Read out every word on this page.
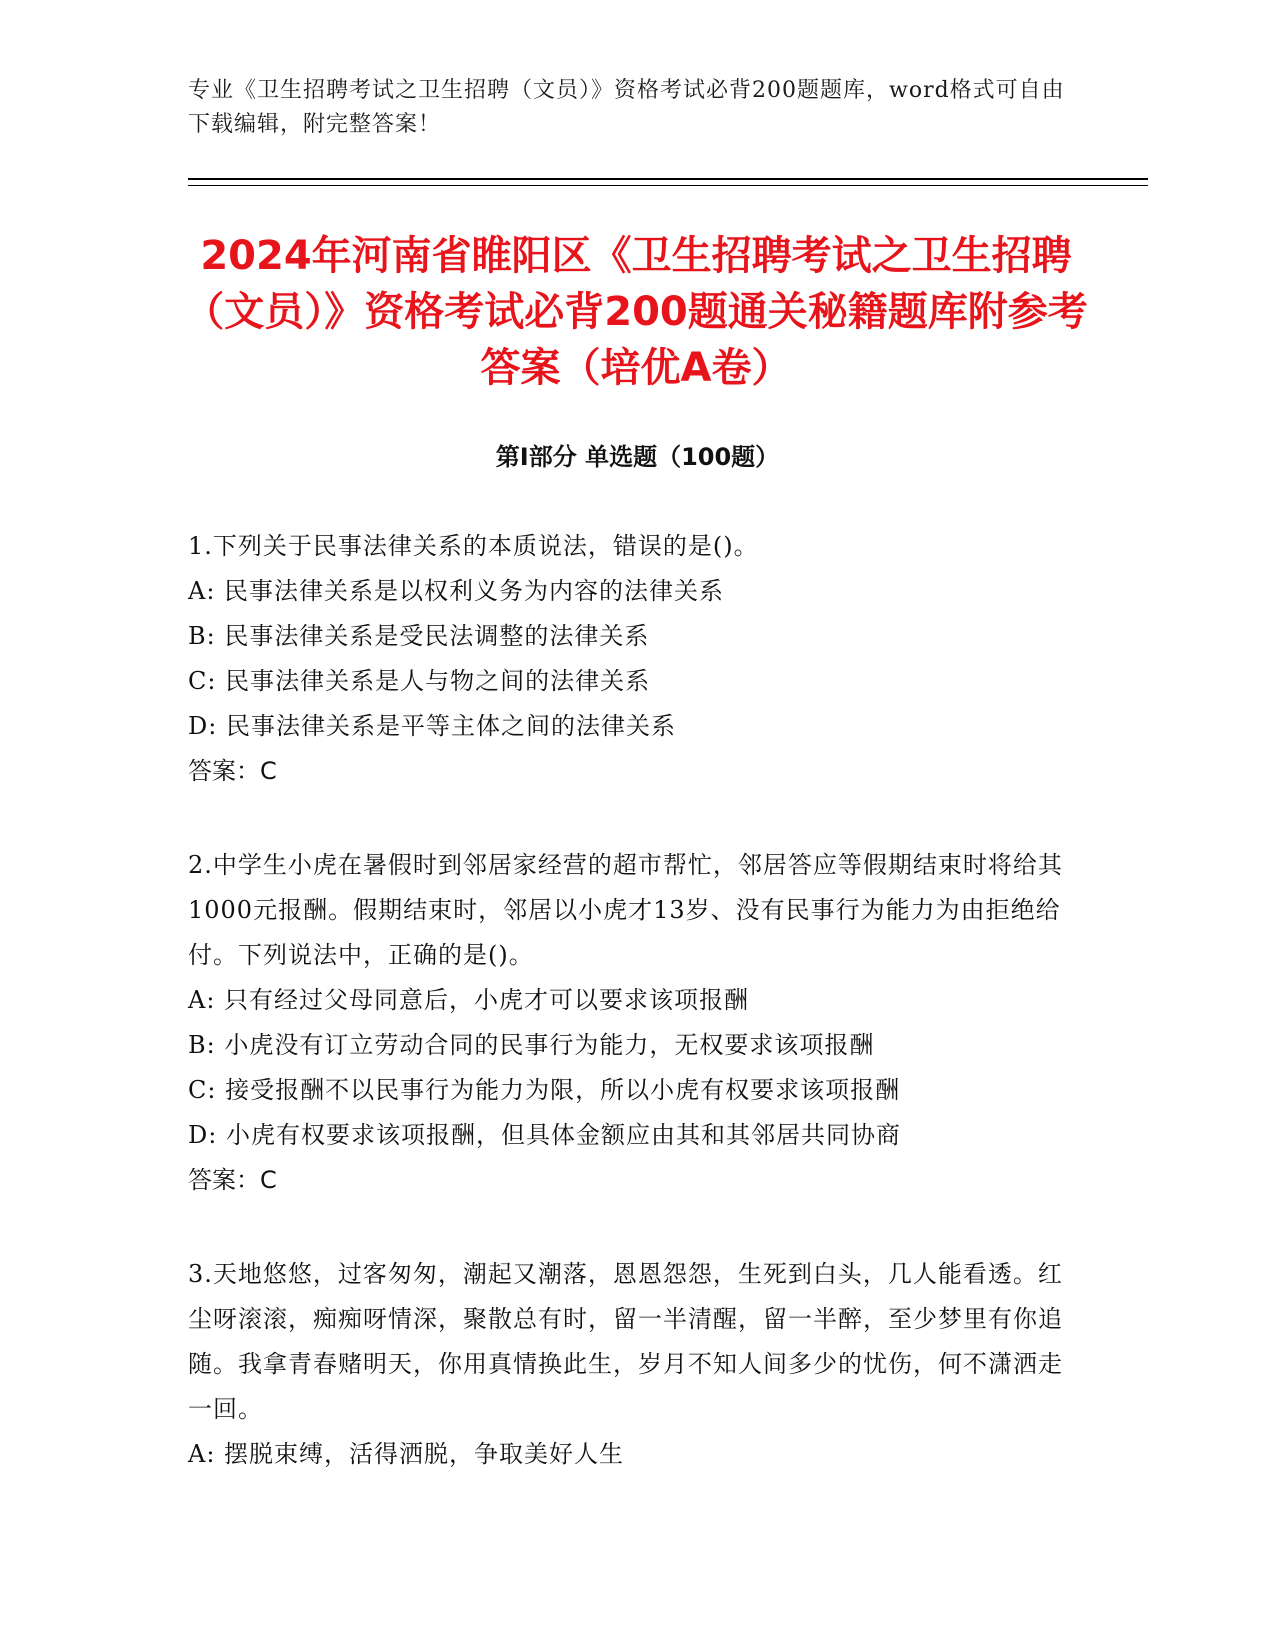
专业《卫生招聘考试之卫生招聘（文员）》资格考试必背200题题库，word格式可自由下载编辑，附完整答案！
2024年河南省睢阳区《卫生招聘考试之卫生招聘（文员）》资格考试必背200题通关秘籍题库附参考答案（培优A卷）
第Ⅰ部分 单选题（100题）
1.下列关于民事法律关系的本质说法，错误的是()。
A: 民事法律关系是以权利义务为内容的法律关系
B: 民事法律关系是受民法调整的法律关系
C: 民事法律关系是人与物之间的法律关系
D: 民事法律关系是平等主体之间的法律关系
答案：C
2.中学生小虎在暑假时到邻居家经营的超市帮忙，邻居答应等假期结束时将给其1000元报酬。假期结束时，邻居以小虎才13岁、没有民事行为能力为由拒绝给付。下列说法中，正确的是()。
A: 只有经过父母同意后，小虎才可以要求该项报酬
B: 小虎没有订立劳动合同的民事行为能力，无权要求该项报酬
C: 接受报酬不以民事行为能力为限，所以小虎有权要求该项报酬
D: 小虎有权要求该项报酬，但具体金额应由其和其邻居共同协商
答案：C
3.天地悠悠，过客匆匆，潮起又潮落，恩恩怨怨，生死到白头，几人能看透。红尘呀滚滚，痴痴呀情深，聚散总有时，留一半清醒，留一半醉，至少梦里有你追随。我拿青春赌明天，你用真情换此生，岁月不知人间多少的忧伤，何不潇洒走一回。
A: 摆脱束缚，活得洒脱，争取美好人生
